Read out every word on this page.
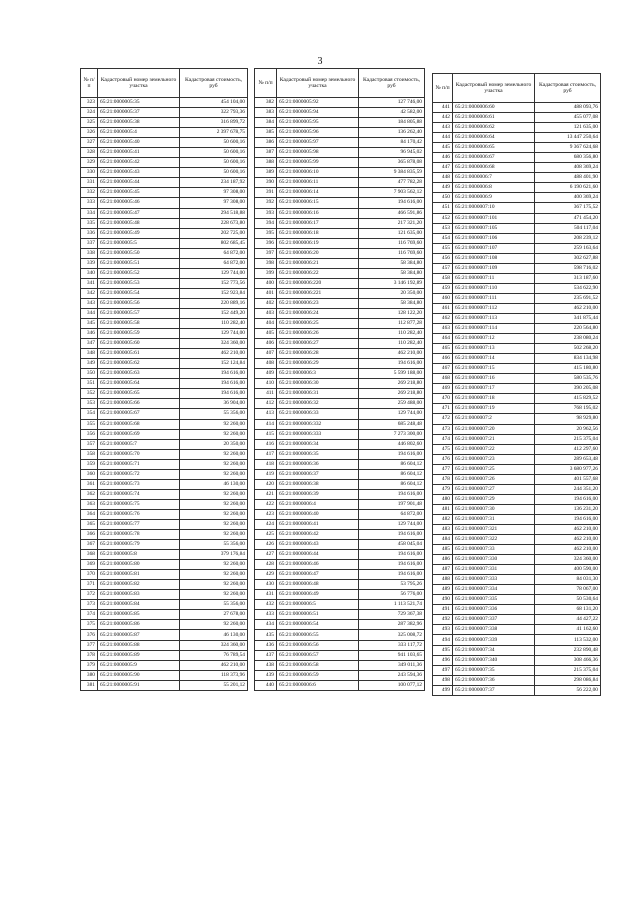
3
№ п/п	Кадастровый номер земельного участка	Кадастровая стоимость, руб
323	65:21:0000005:35	454 104,00
324	65:21:0000005:37	322 793,36
325	65:21:0000005:38	316 899,72
326	65:21:0000005:4	2 397 678,75
327	65:21:0000005:40	50 600,16
328	65:21:0000005:41	50 600,16
329	65:21:0000005:42	50 600,16
330	65:21:0000005:43	50 600,16
331	65:21:0000005:44	234 187,92
332	65:21:0000005:45	97 308,00
333	65:21:0000005:46	97 308,00
334	65:21:0000005:47	294 518,88
335	65:21:0000005:48	228 673,80
336	65:21:0000005:49	202 725,00
337	65:21:0000005:5	802 685,45
338	65:21:0000005:50	64 872,00
339	65:21:0000005:51	64 872,00
340	65:21:0000005:52	129 744,00
341	65:21:0000005:53	152 773,56
342	65:21:0000005:54	152 923,84
343	65:21:0000005:56	220 889,16
344	65:21:0000005:57	152 449,20
345	65:21:0000005:58	110 282,40
346	65:21:0000005:59	129 744,00
347	65:21:0000005:60	324 360,00
348	65:21:0000005:61	462 210,00
349	65:21:0000005:62	152 124,84
350	65:21:0000005:63	194 616,00
351	65:21:0000005:64	194 616,00
352	65:21:0000005:65	194 616,00
353	65:21:0000005:66	36 904,00
354	65:21:0000005:67	55 356,00
355	65:21:0000005:68	92 260,00
356	65:21:0000005:69	92 260,00
357	65:21:0000005:7	20 350,00
358	65:21:0000005:70	92 260,00
359	65:21:0000005:71	92 260,00
360	65:21:0000005:72	92 260,00
361	65:21:0000005:73	46 130,00
362	65:21:0000005:74	92 260,00
363	65:21:0000005:75	92 260,00
364	65:21:0000005:76	92 260,00
365	65:21:0000005:77	92 260,00
366	65:21:0000005:78	92 260,00
367	65:21:0000005:79	55 356,00
368	65:21:0000005:8	379 176,84
369	65:21:0000005:80	92 260,00
370	65:21:0000005:81	92 260,00
371	65:21:0000005:82	92 260,00
372	65:21:0000005:83	92 260,00
373	65:21:0000005:84	55 356,00
374	65:21:0000005:85	27 678,00
375	65:21:0000005:86	92 260,00
376	65:21:0000005:87	46 130,00
377	65:21:0000005:88	324 360,00
378	65:21:0000005:89	76 789,54
379	65:21:0000005:9	462 210,00
380	65:21:0000005:90	118 373,96
381	65:21:0000005:91	55 201,12
№ п/п	Кадастровый номер земельного участка	Кадастровая стоимость, руб
382	65:21:0000005:92	127 746,00
383	65:21:0000005:94	42 582,00
384	65:21:0000005:95	184 805,88
385	65:21:0000005:96	136 262,40
386	65:21:0000005:97	84 170,42
387	65:21:0000005:98	96 945,02
388	65:21:0000005:99	365 878,08
389	65:21:0000006:10	9 384 835,59
390	65:21:0000006:11	477 782,28
391	65:21:0000006:14	7 903 562,12
392	65:21:0000006:15	194 616,00
393	65:21:0000006:16	466 591,86
394	65:21:0000006:17	217 321,20
395	65:21:0000006:18	121 635,00
396	65:21:0000006:19	116 769,60
397	65:21:0000006:20	116 769,60
398	65:21:0000006:21	58 384,80
399	65:21:0000006:22	58 384,80
400	65:21:0000006:220	3 146 192,89
401	65:21:0000006:221	20 350,00
402	65:21:0000006:23	58 384,80
403	65:21:0000006:24	128 122,20
404	65:21:0000006:25	112 877,28
405	65:21:0000006:26	110 282,40
406	65:21:0000006:27	110 282,40
407	65:21:0000006:28	462 210,00
408	65:21:0000006:29	194 616,00
409	65:21:0000006:3	5 599 188,00
410	65:21:0000006:30	269 218,80
411	65:21:0000006:31	269 218,80
412	65:21:0000006:32	259 488,00
413	65:21:0000006:33	129 744,00
414	65:21:0000006:332	685 248,48
415	65:21:0000006:333	7 273 300,00
416	65:21:0000006:34	446 802,60
417	65:21:0000006:35	194 616,00
418	65:21:0000006:36	86 604,12
419	65:21:0000006:37	86 604,12
420	65:21:0000006:38	86 604,12
421	65:21:0000006:39	194 616,00
422	65:21:0000006:4	197 901,48
423	65:21:0000006:40	64 872,00
424	65:21:0000006:41	129 744,00
425	65:21:0000006:42	194 616,00
426	65:21:0000006:43	458 045,04
427	65:21:0000006:44	194 616,00
428	65:21:0000006:46	194 616,00
429	65:21:0000006:47	194 616,00
430	65:21:0000006:48	53 795,26
431	65:21:0000006:49	56 776,00
432	65:21:0000006:5	1 113 521,74
433	65:21:0000006:51	729 367,38
434	65:21:0000006:54	287 382,96
435	65:21:0000006:55	325 008,72
436	65:21:0000006:56	333 117,72
437	65:21:0000006:57	941 103,65
438	65:21:0000006:58	349 011,36
439	65:21:0000006:59	243 594,36
440	65:21:0000006:6	100 077,12
№ п/п	Кадастровый номер земельного участка	Кадастровая стоимость, руб
441	65:21:0000006:60	488 093,76
442	65:21:0000006:61	455 077,08
443	65:21:0000006:62	121 635,00
444	65:21:0000006:64	13 447 250,64
445	65:21:0000006:65	9 367 624,68
446	65:21:0000006:67	680 356,80
447	65:21:0000006:68	408 369,24
448	65:21:0000006:7	488 401,90
449	65:21:0000006:8	6 190 621,60
450	65:21:0000006:9	400 369,24
451	65:21:0000007:10	367 175,52
452	65:21:0000007:101	471 454,20
453	65:21:0000007:105	504 117,04
454	65:21:0000007:106	208 239,12
455	65:21:0000007:107	259 163,64
456	65:21:0000007:108	302 627,88
457	65:21:0000007:109	598 716,02
458	65:21:0000007:11	313 187,60
459	65:21:0000007:110	534 622,90
460	65:21:0000007:111	235 691,52
461	65:21:0000007:112	462 210,00
462	65:21:0000007:113	341 875,44
463	65:21:0000007:114	220 564,80
464	65:21:0000007:12	238 080,24
465	65:21:0000007:13	502 268,20
466	65:21:0000007:14	834 134,98
467	65:21:0000007:15	415 180,80
468	65:21:0000007:16	580 535,76
469	65:21:0000007:17	390 205,08
470	65:21:0000007:18	415 829,52
471	65:21:0000007:19	768 195,02
472	65:21:0000007:2	98 929,80
473	65:21:0000007:20	20 962,56
474	65:21:0000007:21	215 375,04
475	65:21:0000007:22	412 297,60
476	65:21:0000007:23	289 653,48
477	65:21:0000007:25	3 680 977,26
478	65:21:0000007:26	401 557,68
479	65:21:0000007:27	244 351,20
480	65:21:0000007:29	194 616,00
481	65:21:0000007:30	136 231,20
482	65:21:0000007:31	194 616,00
483	65:21:0000007:321	462 210,00
484	65:21:0000007:322	462 210,00
485	65:21:0000007:33	462 210,00
486	65:21:0000007:330	324 360,00
487	65:21:0000007:331	400 590,00
488	65:21:0000007:333	84 031,30
489	65:21:0000007:334	78 067,00
490	65:21:0000007:335	50 530,64
491	65:21:0000007:336	68 131,20
492	65:21:0000007:337	44 427,22
493	65:21:0000007:338	41 162,60
494	65:21:0000007:339	113 532,00
495	65:21:0000007:34	232 890,48
496	65:21:0000007:340	308 466,36
497	65:21:0000007:35	215 375,04
498	65:21:0000007:36	298 086,84
499	65:21:0000007:37	56 222,00
